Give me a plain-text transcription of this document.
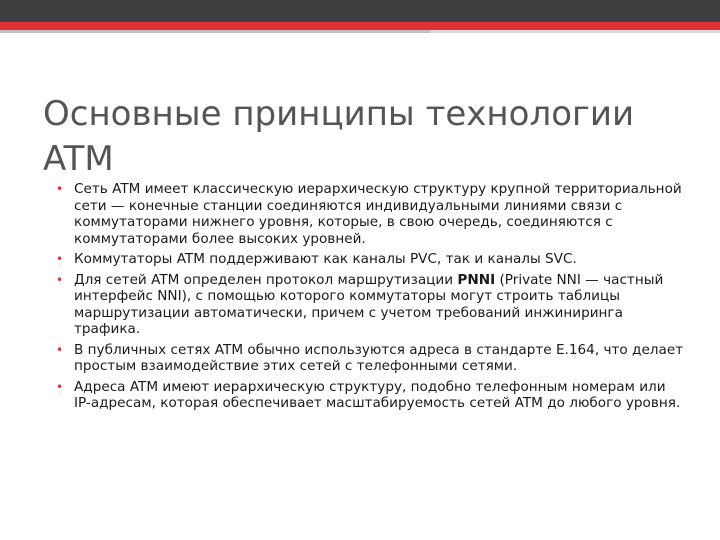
Основные принципы технологии ATM
• Сеть ATM имеет классическую иерархическую структуру крупной территориальной сети — конечные станции соединяются индивидуальными линиями связи с коммутаторами нижнего уровня, которые, в свою очередь, соединяются с коммутаторами более высоких уровней.
• Коммутаторы ATM поддерживают как каналы PVC, так и каналы SVC.
• Для сетей ATM определен протокол маршрутизации PNNI (Private NNI — частный интерфейс NNI), с помощью которого коммутаторы могут строить таблицы маршрутизации автоматически, причем с учетом требований инжиниринга трафика.
• В публичных сетях ATM обычно используются адреса в стандарте E.164, что делает простым взаимодействие этих сетей с телефонными сетями.
• Адреса ATM имеют иерархическую структуру, подобно телефонным номерам или IP-адресам, которая обеспечивает масштабируемость сетей ATM до любого уровня.
